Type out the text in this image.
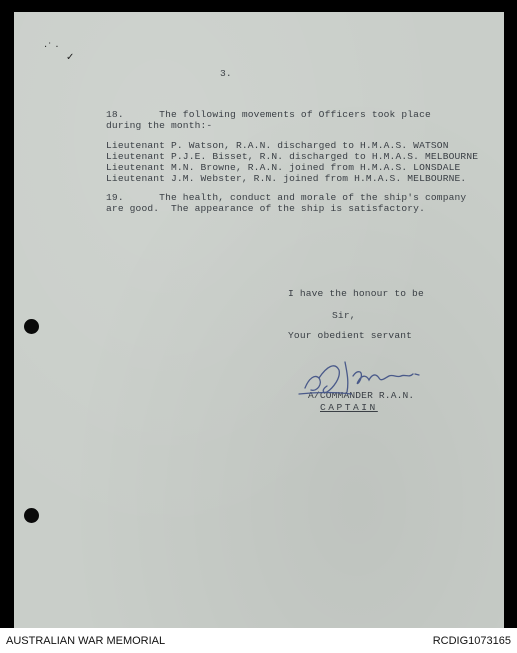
·˙ ·
✓
3.
18.      The following movements of Officers took place
during the month:-
Lieutenant P. Watson, R.A.N. discharged to H.M.A.S. WATSON
Lieutenant P.J.E. Bisset, R.N. discharged to H.M.A.S. MELBOURNE
Lieutenant M.N. Browne, R.A.N. joined from H.M.A.S. LONSDALE
Lieutenant J.M. Webster, R.N. joined from H.M.A.S. MELBOURNE.
19.      The health, conduct and morale of the ship's company
are good.  The appearance of the ship is satisfactory.
I have the honour to be
Sir,
Your obedient servant
A/COMMANDER R.A.N.
CAPTAIN
AUSTRALIAN WAR MEMORIAL	RCDIG1073165
